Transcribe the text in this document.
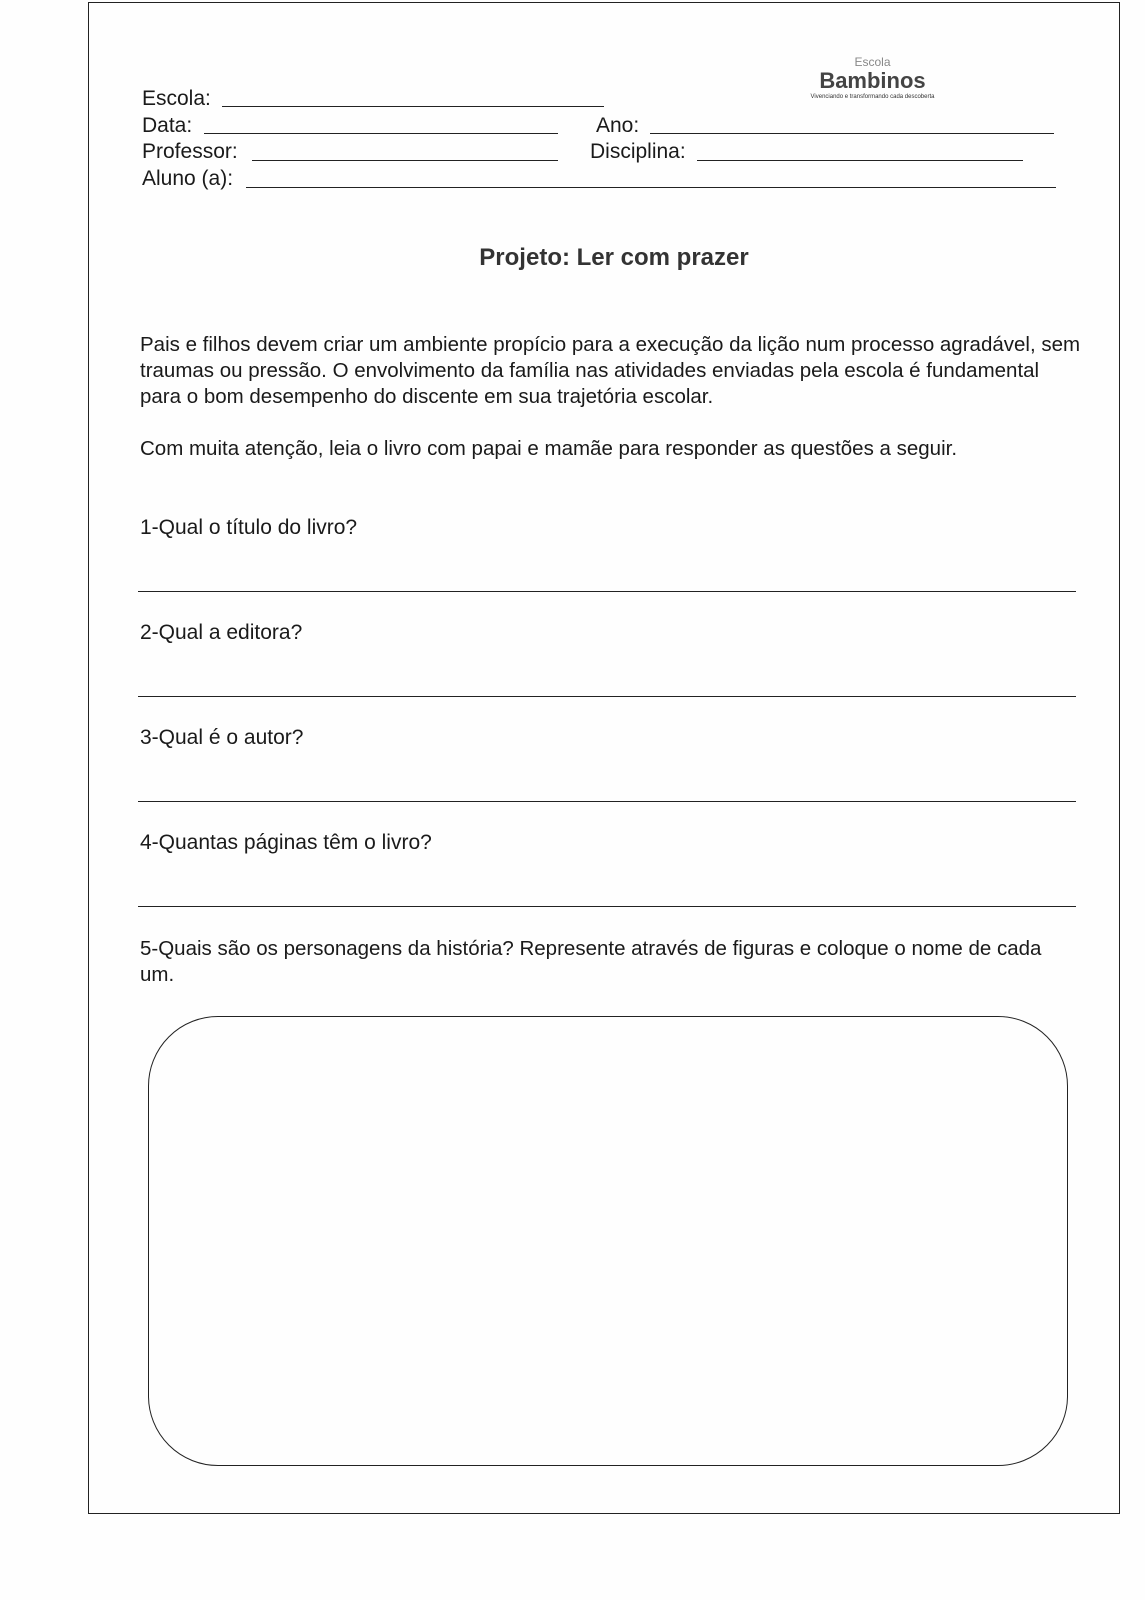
Escola
Bambinos
Vivenciando e transformando cada descoberta
Escola:
Data:	Ano:
Professor:	Disciplina:
Aluno (a):
Projeto: Ler com prazer
Pais e filhos devem criar um ambiente propício para a execução da lição num processo agradável, sem traumas ou pressão. O envolvimento da família nas atividades enviadas pela escola é fundamental para o bom desempenho do discente em sua trajetória escolar.
Com muita atenção, leia o livro com papai e mamãe para responder as questões a seguir.
1-Qual o título do livro?
2-Qual a editora?
3-Qual é o autor?
4-Quantas páginas têm o livro?
5-Quais são os personagens da história? Represente através de figuras e coloque o nome de cada um.
